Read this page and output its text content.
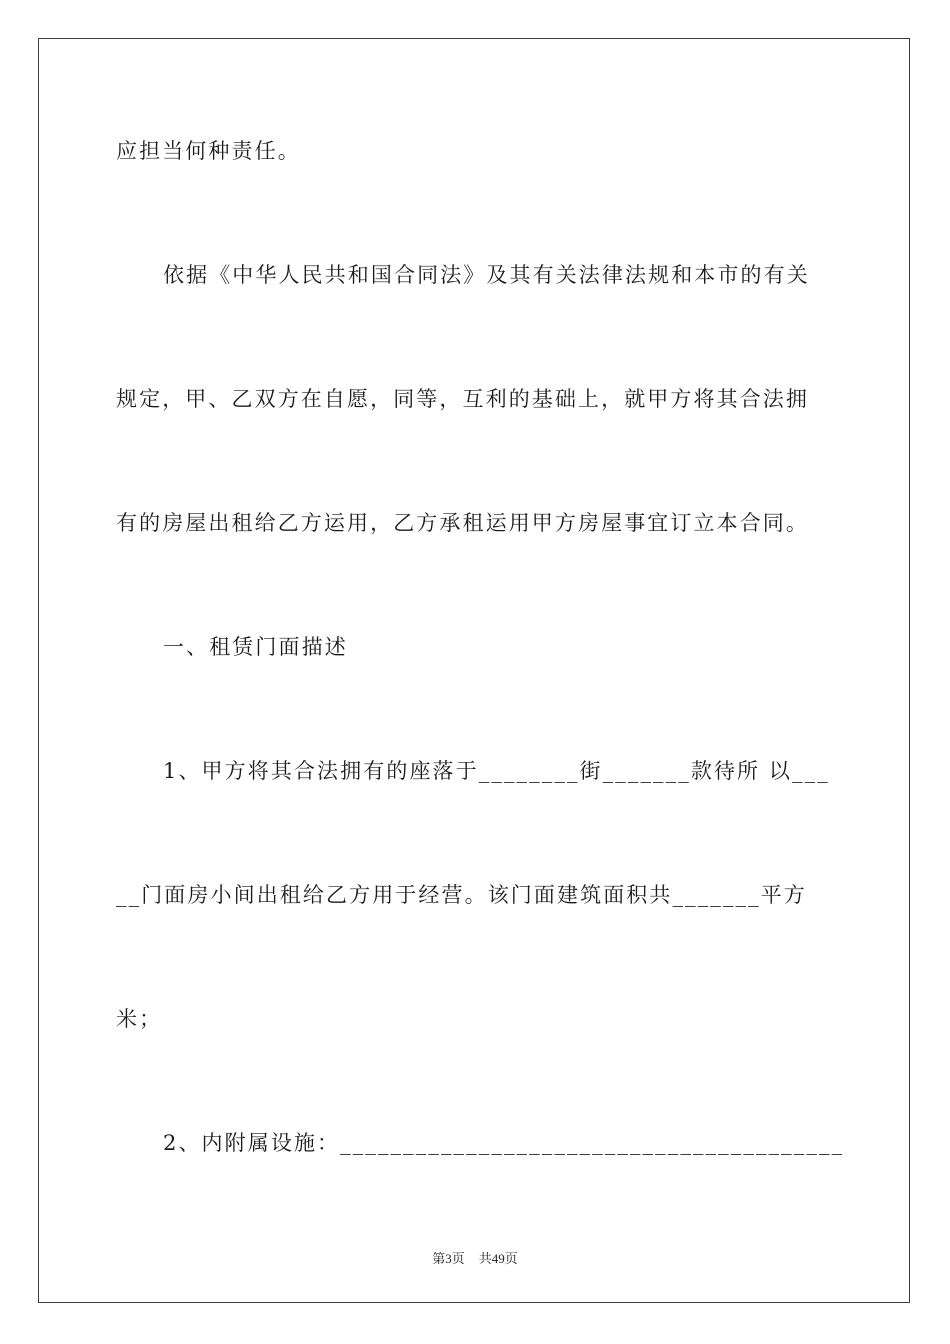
应担当何种责任。
依据《中华人民共和国合同法》及其有关法律法规和本市的有关
规定，甲、乙双方在自愿，同等，互利的基础上，就甲方将其合法拥
有的房屋出租给乙方运用，乙方承租运用甲方房屋事宜订立本合同。
一、租赁门面描述
1、甲方将其合法拥有的座落于________街_______款待所 以___
__门面房小间出租给乙方用于经营。该门面建筑面积共_______平方
米；
2、内附属设施：________________________________________
第3页 共49页
